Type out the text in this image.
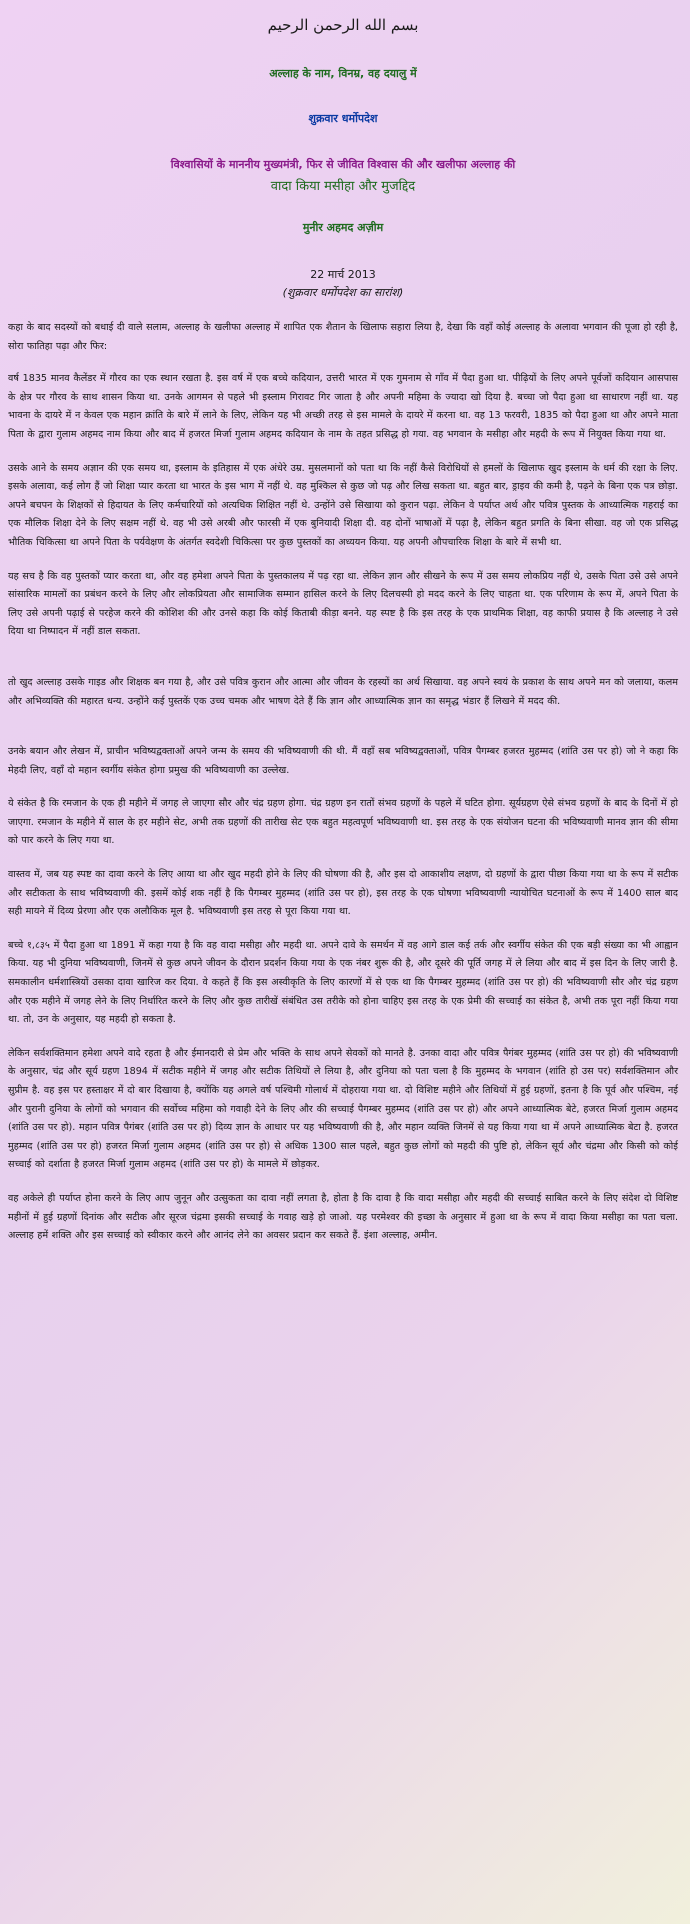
بسم الله الرحمن الرحيم

अल्लाह के नाम, विनम्र, वह दयालु में

शुक्रवार धर्मोपदेश

विश्वासियों के माननीय मुख्यमंत्री, फिर से जीवित विश्वास की और खलीफा अल्लाह की

वादा किया मसीहा और मुजद्दिद

मुनीर अहमद अज़ीम

22 मार्च 2013

(शुक्रवार धर्मोपदेश का सारांश)

कहा के बाद सदस्यों को बधाई दी वाले सलाम, अल्लाह के खलीफा अल्लाह में शापित एक शैतान के खिलाफ सहारा लिया है, देखा कि वहाँ कोई अल्लाह के अलावा भगवान की पूजा हो रही है, सोरा फातिहा पढ़ा और फिर:

वर्ष 1835 मानव कैलेंडर में गौरव का एक स्थान रखता है. इस वर्ष में एक बच्चे कदियान, उत्तरी भारत में एक गुमनाम से गाँव में पैदा हुआ था. पीढ़ियों के लिए अपने पूर्वजों कदियान आसपास के क्षेत्र पर गौरव के साथ शासन किया था. उनके आगमन से पहले भी इस्लाम गिरावट गिर जाता है और अपनी महिमा के ज्यादा खो दिया है. बच्चा जो पैदा हुआ था साधारण नहीं था. यह भावना के दायरे में न केवल एक महान क्रांति के बारे में लाने के लिए, लेकिन यह भी अच्छी तरह से इस मामले के दायरे में करना था. वह 13 फरवरी, 1835 को पैदा हुआ था और अपने माता पिता के द्वारा गुलाम अहमद नाम किया और बाद में हजरत मिर्जा गुलाम अहमद कदियान के नाम के तहत प्रसिद्ध हो गया. वह भगवान के मसीहा और महदी के रूप में नियुक्त किया गया था.

उसके आने के समय अज्ञान की एक समय था, इस्लाम के इतिहास में एक अंधेरे उम्र. मुसलमानों को पता था कि नहीं कैसे विरोधियों से हमलों के खिलाफ खुद इस्लाम के धर्म की रक्षा के लिए. इसके अलावा, कई लोग हैं जो शिक्षा प्यार करता था भारत के इस भाग में नहीं थे. वह मुश्किल से कुछ जो पढ़ और लिख सकता था. बहुत बार, ड्राइव की कमी है, पढ़ने के बिना एक पत्र छोड़ा. अपने बचपन के शिक्षकों से हिदायत के लिए कर्मचारियों को अत्यधिक शिक्षित नहीं थे. उन्होंने उसे सिखाया को कुरान पढ़ा. लेकिन वे पर्याप्त अर्थ और पवित्र पुस्तक के आध्यात्मिक गहराई का एक मौलिक शिक्षा देने के लिए सक्षम नहीं थे. वह भी उसे अरबी और फारसी में एक बुनियादी शिक्षा दी. वह दोनों भाषाओं में पढ़ा है, लेकिन बहुत प्रगति के बिना सीखा. वह जो एक प्रसिद्ध भौतिक चिकित्सा था अपने पिता के पर्यवेक्षण के अंतर्गत स्वदेशी चिकित्सा पर कुछ पुस्तकों का अध्ययन किया. यह अपनी औपचारिक शिक्षा के बारे में सभी था.

यह सच है कि वह पुस्तकों प्यार करता था, और वह हमेशा अपने पिता के पुस्तकालय में पढ़ रहा था. लेकिन ज्ञान और सीखने के रूप में उस समय लोकप्रिय नहीं थे, उसके पिता उसे उसे अपने सांसारिक मामलों का प्रबंधन करने के लिए और लोकप्रियता और सामाजिक सम्मान हासिल करने के लिए दिलचस्पी हो मदद करने के लिए चाहता था. एक परिणाम के रूप में, अपने पिता के लिए उसे अपनी पढ़ाई से परहेज करने की कोशिश की और उनसे कहा कि कोई किताबी कीड़ा बनने. यह स्पष्ट है कि इस तरह के एक प्राथमिक शिक्षा, वह काफी प्रयास है कि अल्लाह ने उसे दिया था निष्पादन में नहीं डाल सकता.

तो खुद अल्लाह उसके गाइड और शिक्षक बन गया है, और उसे पवित्र कुरान और आत्मा और जीवन के रहस्यों का अर्थ सिखाया. वह अपने स्वयं के प्रकाश के साथ अपने मन को जलाया, कलम और अभिव्यक्ति की महारत धन्य. उन्होंने कई पुस्तकें एक उच्च चमक और भाषण देते हैं कि ज्ञान और आध्यात्मिक ज्ञान का समृद्ध भंडार हैं लिखने में मदद की.

उनके बयान और लेखन में, प्राचीन भविष्यद्वक्ताओं अपने जन्म के समय की भविष्यवाणी की थी. मैं वहाँ सब भविष्यद्वक्ताओं, पवित्र पैगम्बर हजरत मुहम्मद (शांति उस पर हो) जो ने कहा कि मेहदी लिए, वहाँ दो महान स्वर्गीय संकेत होगा प्रमुख की भविष्यवाणी का उल्लेख.

ये संकेत है कि रमजान के एक ही महीने में जगह ले जाएगा सौर और चंद्र ग्रहण होगा. चंद्र ग्रहण इन रातों संभव ग्रहणों के पहले में घटित होगा. सूर्यग्रहण ऐसे संभव ग्रहणों के बाद के दिनों में हो जाएगा. रमजान के महीने में साल के हर महीने सेट, अभी तक ग्रहणों की तारीख सेट एक बहुत महत्वपूर्ण भविष्यवाणी था. इस तरह के एक संयोजन घटना की भविष्यवाणी मानव ज्ञान की सीमा को पार करने के लिए गया था.

वास्तव में, जब यह स्पष्ट का दावा करने के लिए आया था और खुद महदी होने के लिए की घोषणा की है, और इस दो आकाशीय लक्षण, दो ग्रहणों के द्वारा पीछा किया गया था के रूप में सटीक और सटीकता के साथ भविष्यवाणी की. इसमें कोई शक नहीं है कि पैगम्बर मुहम्मद (शांति उस पर हो), इस तरह के एक घोषणा भविष्यवाणी न्यायोचित घटनाओं के रूप में 1400 साल बाद सही मायने में दिव्य प्रेरणा और एक अलौकिक मूल है. भविष्यवाणी इस तरह से पूरा किया गया था.

बच्चे १,८३५ में पैदा हुआ था 1891 में कहा गया है कि वह वादा मसीहा और महदी था. अपने दावे के समर्थन में वह आगे डाल कई तर्क और स्वर्गीय संकेत की एक बड़ी संख्या का भी आह्वान किया. यह भी दुनिया भविष्यवाणी, जिनमें से कुछ अपने जीवन के दौरान प्रदर्शन किया गया के एक नंबर शुरू की है, और दूसरे की पूर्ति जगह में ले लिया और बाद में इस दिन के लिए जारी है. समकालीन धर्मशास्त्रियों उसका दावा खारिज कर दिया. वे कहते हैं कि इस अस्वीकृति के लिए कारणों में से एक था कि पैगम्बर मुहम्मद (शांति उस पर हो) की भविष्यवाणी सौर और चंद्र ग्रहण और एक महीने में जगह लेने के लिए निर्धारित करने के लिए और कुछ तारीखें संबंधित उस तरीके को होना चाहिए इस तरह के एक प्रेमी की सच्चाई का संकेत है, अभी तक पूरा नहीं किया गया था. तो, उन के अनुसार, यह महदी हो सकता है.

लेकिन सर्वशक्तिमान हमेशा अपने वादे रहता है और ईमानदारी से प्रेम और भक्ति के साथ अपने सेवकों को मानते है. उनका वादा और पवित्र पैगंबर मुहम्मद (शांति उस पर हो) की भविष्यवाणी के अनुसार, चंद्र और सूर्य ग्रहण 1894 में सटीक महीने में जगह और सटीक तिथियों ले लिया है, और दुनिया को पता चला है कि मुहम्मद के भगवान (शांति हो उस पर) सर्वशक्तिमान और सुप्रीम है. वह इस पर हस्ताक्षर में दो बार दिखाया है, क्योंकि यह अगले वर्ष पश्चिमी गोलार्ध में दोहराया गया था. दो विशिष्ट महीने और तिथियों में हुई ग्रहणों, इतना है कि पूर्व और पश्चिम, नई और पुरानी दुनिया के लोगों को भगवान की सर्वोच्च महिमा को गवाही देने के लिए और की सच्चाई पैगम्बर मुहम्मद (शांति उस पर हो) और अपने आध्यात्मिक बेटे, हजरत मिर्जा गुलाम अहमद (शांति उस पर हो). महान पवित्र पैगंबर (शांति उस पर हो) दिव्य ज्ञान के आधार पर यह भविष्यवाणी की है, और महान व्यक्ति जिनमें से यह किया गया था में अपने आध्यात्मिक बेटा है. हजरत मुहम्मद (शांति उस पर हो) हजरत मिर्जा गुलाम अहमद (शांति उस पर हो) से अधिक 1300 साल पहले, बहुत कुछ लोगों को महदी की पुष्टि हो, लेकिन सूर्य और चंद्रमा और किसी को कोई सच्चाई को दर्शाता है हजरत मिर्जा गुलाम अहमद (शांति उस पर हो) के मामले में छोड़कर.

वह अकेले ही पर्याप्त होना करने के लिए आप जुनून और उत्सुकता का दावा नहीं लगता है, होता है कि दावा है कि वादा मसीहा और महदी की सच्चाई साबित करने के लिए संदेश दो विशिष्ट महीनों में हुई ग्रहणों दिनांक और सटीक और सूरज चंद्रमा इसकी सच्चाई के गवाह खड़े हो जाओ. यह परमेश्वर की इच्छा के अनुसार में हुआ था के रूप में वादा किया मसीहा का पता चला. अल्लाह हमें शक्ति और इस सच्चाई को स्वीकार करने और आनंद लेने का अवसर प्रदान कर सकते हैं. इंशा अल्लाह, अमीन.
